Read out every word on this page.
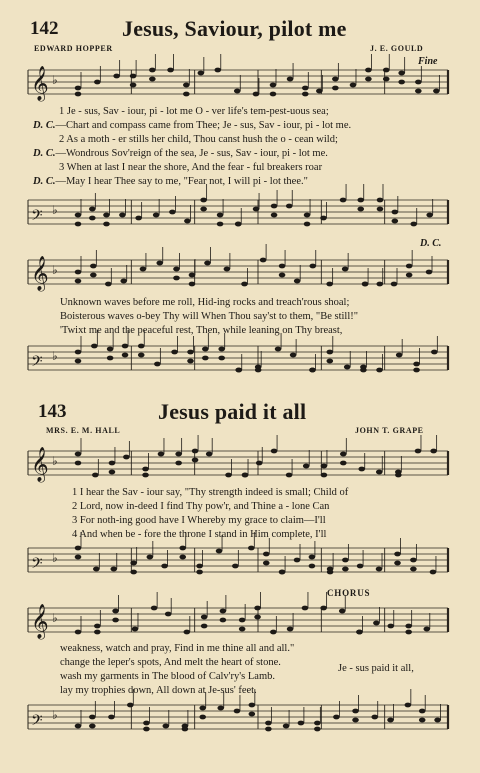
142	Jesus, Saviour, pilot me
EDWARD HOPPER	J. E. GOULD
Fine
𝄞 ♭
1 Je - sus, Sav - iour, pi - lot me O - ver life's tem-pest-uous sea;
D. C.—Chart and compass came from Thee; Je - sus, Sav - iour, pi - lot me.
2 As a moth - er stills her child, Thou canst hush the o - cean wild;
D. C.—Wondrous Sov'reign of the sea, Je - sus, Sav - iour, pi - lot me.
3 When at last I near the shore, And the fear - ful breakers roar
D. C.—May I hear Thee say to me, "Fear not, I will pi - lot thee."
𝄢 ♭
D. C.
𝄞 ♭
Unknown waves before me roll, Hid-ing rocks and treach'rous shoal;
Boisterous waves o-bey Thy will When Thou say'st to them, "Be still!"
'Twixt me and the peaceful rest, Then, while leaning on Thy breast,
𝄢 ♭
143	Jesus paid it all
MRS. E. M. HALL	JOHN T. GRAPE
𝄞 ♭
1 I hear the Sav - iour say, "Thy strength indeed is small; Child of
2 Lord, now in-deed I find Thy pow'r, and Thine a - lone Can
3 For noth-ing good have I Whereby my grace to claim—I'll
4 And when be - fore the throne I stand in Him complete, I'll
𝄢 ♭
CHORUS
𝄞 ♭
weakness, watch and pray, Find in me thine all and all."
change the leper's spots, And melt the heart of stone.
wash my garments in The blood of Calv'ry's Lamb.
lay my trophies down, All down at Je-sus' feet.
Je - sus paid it all,
𝄢 ♭
